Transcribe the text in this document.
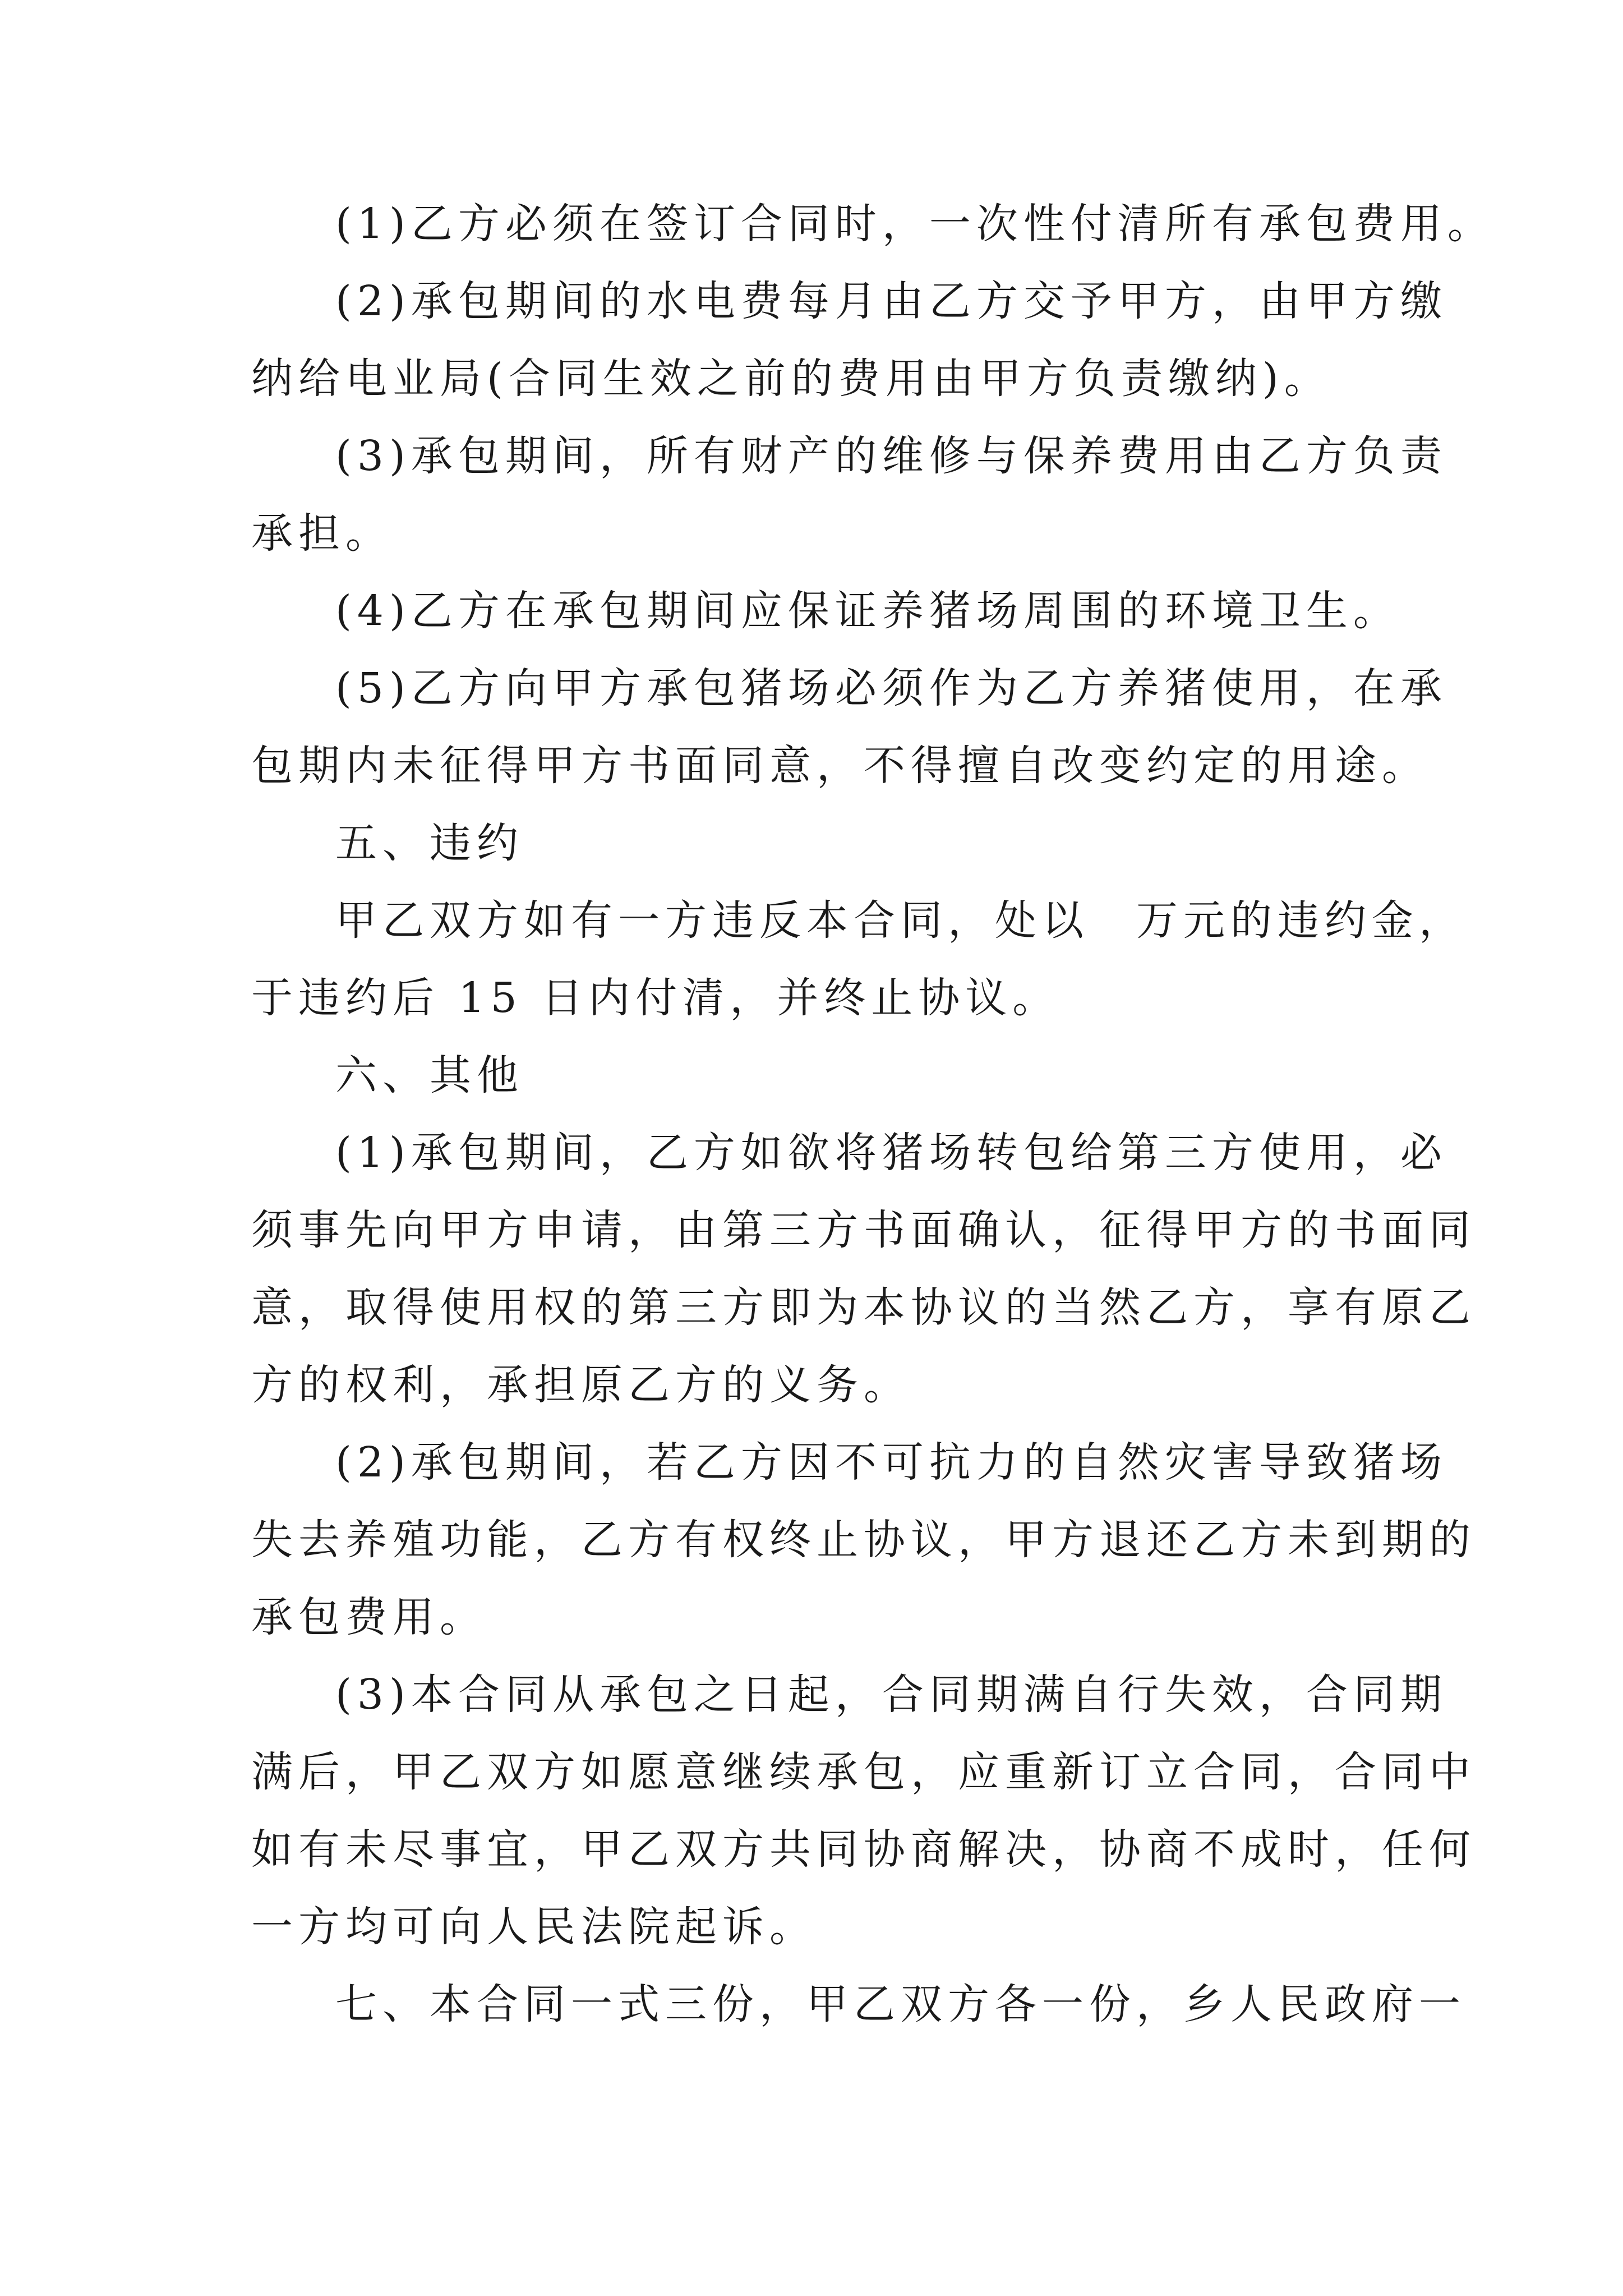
(1)乙方必须在签订合同时，一次性付清所有承包费用。
(2)承包期间的水电费每月由乙方交予甲方，由甲方缴
纳给电业局(合同生效之前的费用由甲方负责缴纳)。
(3)承包期间，所有财产的维修与保养费用由乙方负责
承担。
(4)乙方在承包期间应保证养猪场周围的环境卫生。
(5)乙方向甲方承包猪场必须作为乙方养猪使用，在承
包期内未征得甲方书面同意，不得擅自改变约定的用途。
五、违约
甲乙双方如有一方违反本合同，处以　万元的违约金，
于违约后 15 日内付清，并终止协议。
六、其他
(1)承包期间，乙方如欲将猪场转包给第三方使用，必
须事先向甲方申请，由第三方书面确认，征得甲方的书面同
意，取得使用权的第三方即为本协议的当然乙方，享有原乙
方的权利，承担原乙方的义务。
(2)承包期间，若乙方因不可抗力的自然灾害导致猪场
失去养殖功能，乙方有权终止协议，甲方退还乙方未到期的
承包费用。
(3)本合同从承包之日起，合同期满自行失效，合同期
满后，甲乙双方如愿意继续承包，应重新订立合同，合同中
如有未尽事宜，甲乙双方共同协商解决，协商不成时，任何
一方均可向人民法院起诉。
七、本合同一式三份，甲乙双方各一份，乡人民政府一
